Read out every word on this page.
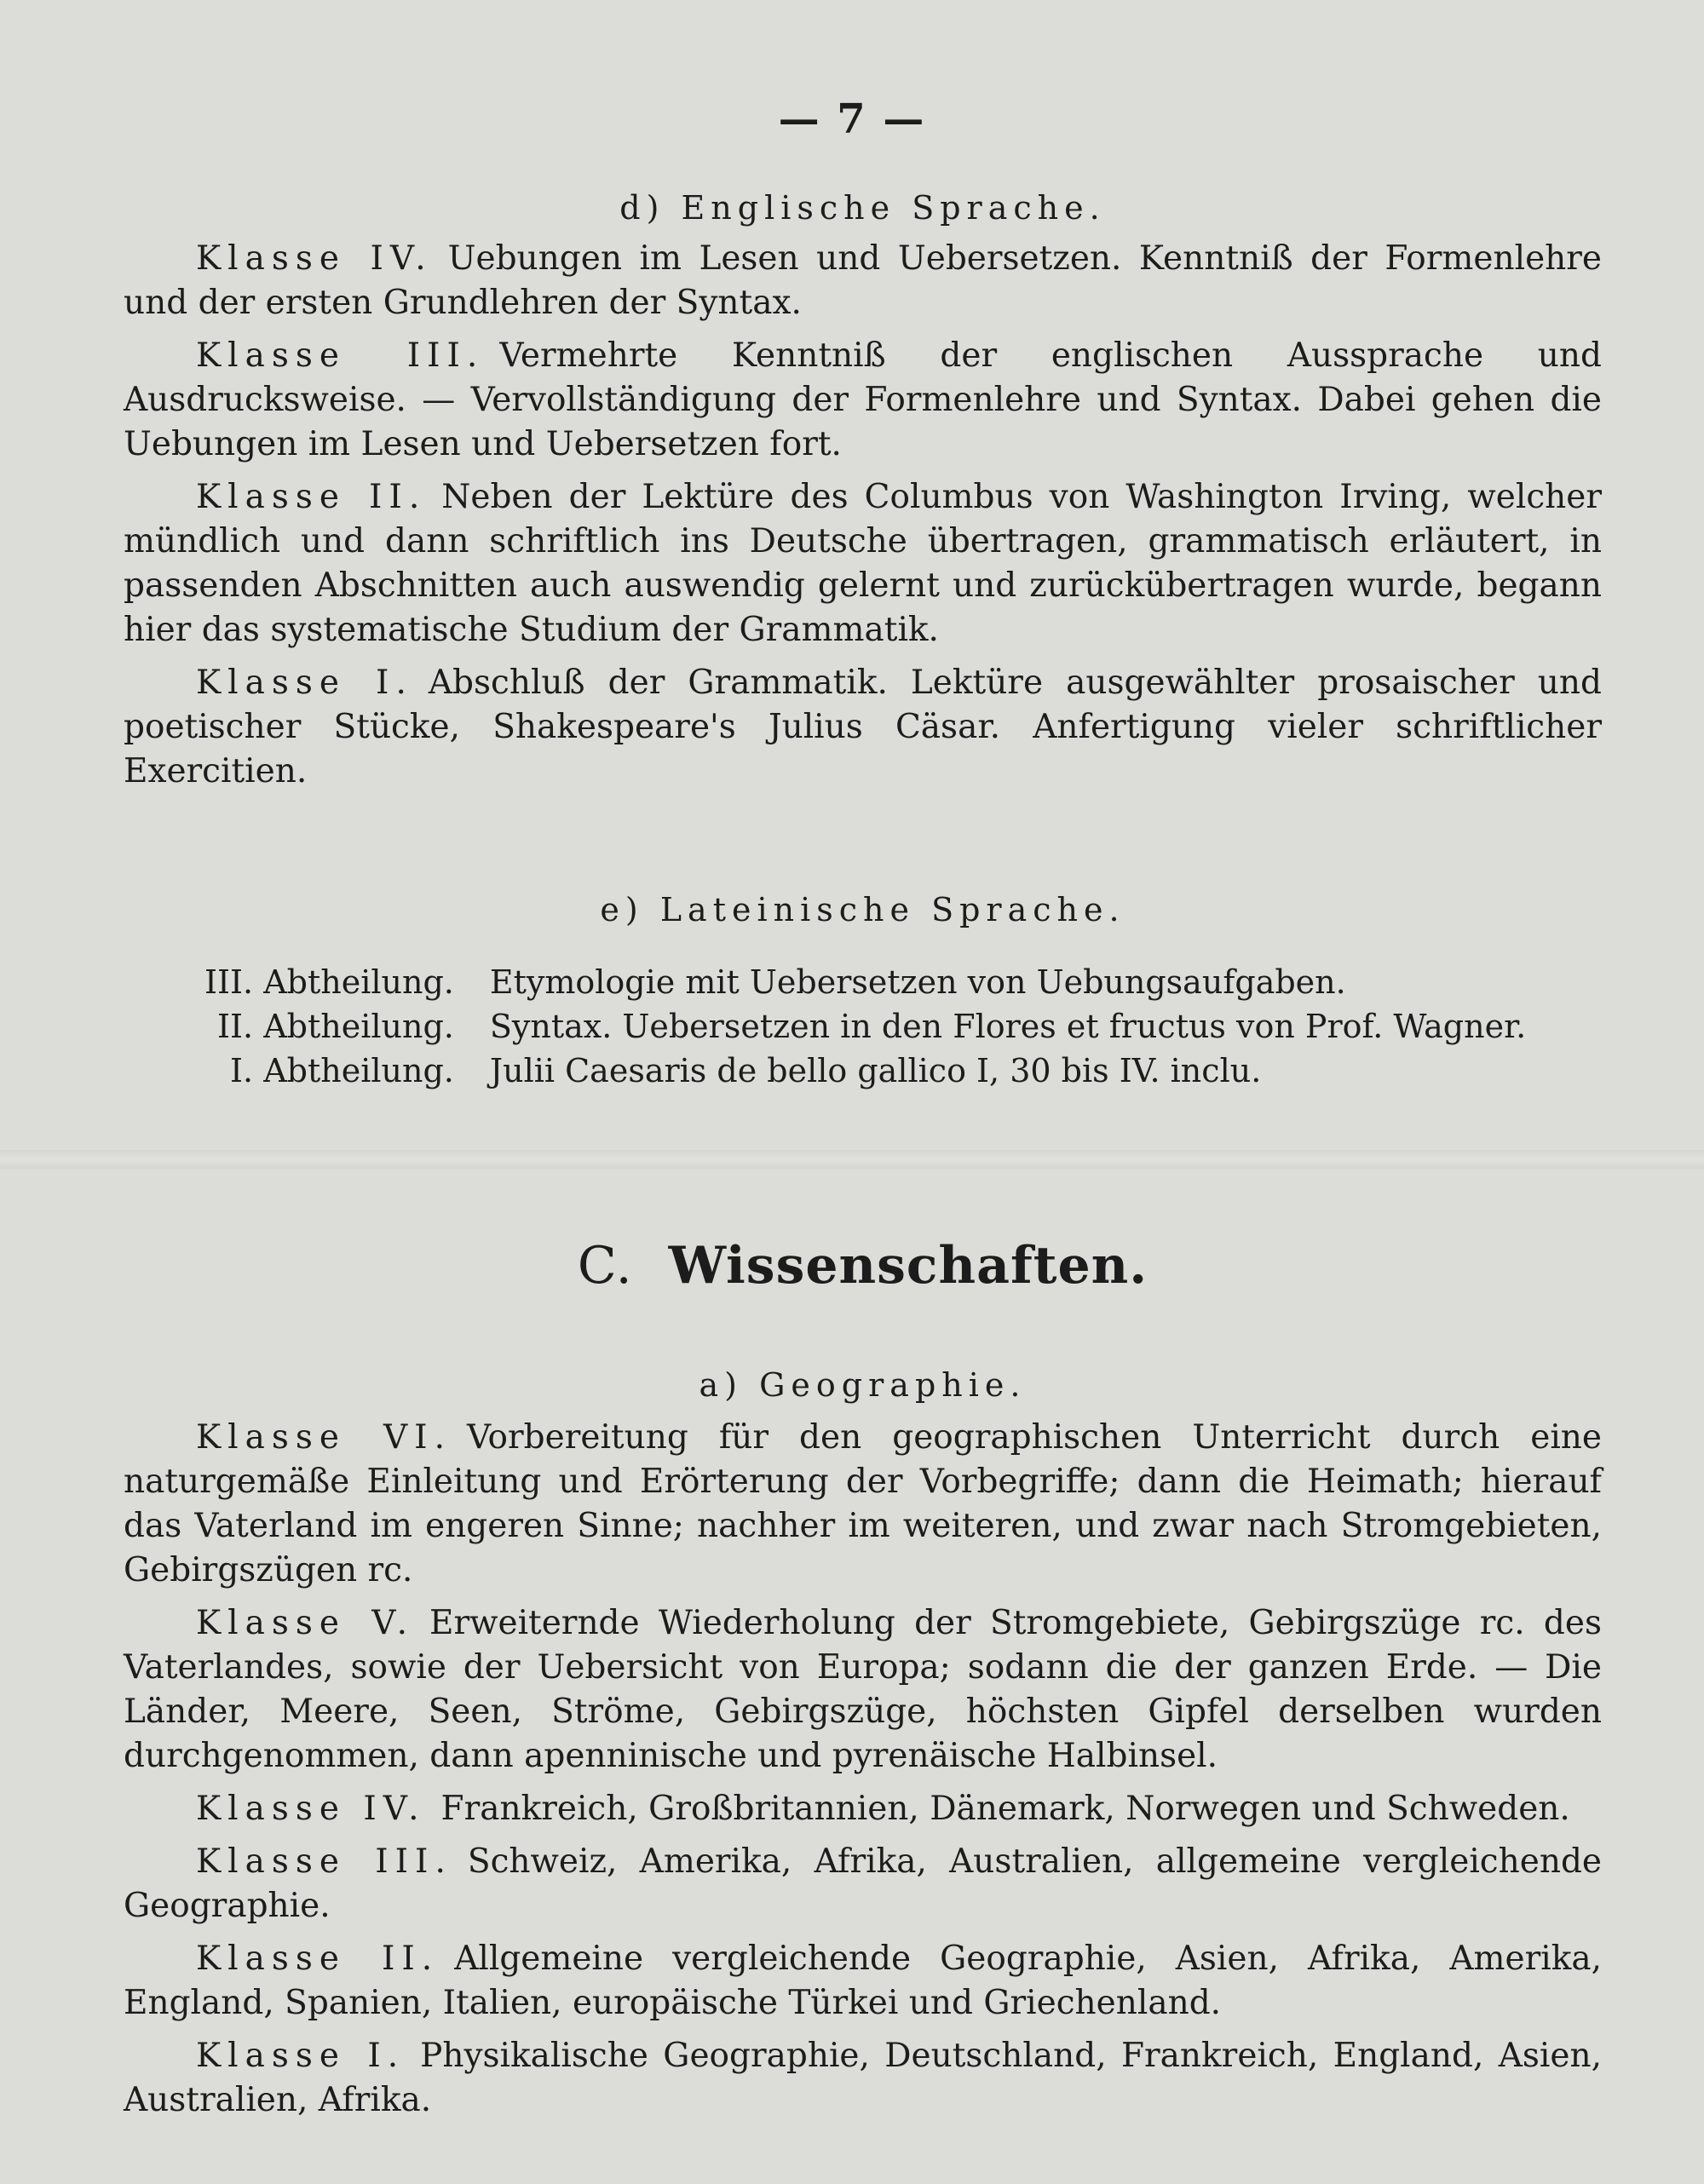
— 7 —
d) Englische Sprache.

Klasse IV. Uebungen im Lesen und Uebersetzen. Kenntniß der Formenlehre und der ersten Grundlehren der Syntax.

Klasse III. Vermehrte Kenntniß der englischen Aussprache und Ausdrucksweise. — Vervollständigung der Formenlehre und Syntax. Dabei gehen die Uebungen im Lesen und Uebersetzen fort.

Klasse II. Neben der Lektüre des Columbus von Washington Irving, welcher mündlich und dann schriftlich ins Deutsche übertragen, grammatisch erläutert, in passenden Abschnitten auch auswendig gelernt und zurückübertragen wurde, begann hier das systematische Studium der Grammatik.

Klasse I. Abschluß der Grammatik. Lektüre ausgewählter prosaischer und poetischer Stücke, Shakespeare's Julius Cäsar. Anfertigung vieler schriftlicher Exercitien.

e) Lateinische Sprache.
III. Abtheilung.	Etymologie mit Uebersetzen von Uebungsaufgaben.
II. Abtheilung.	Syntax. Uebersetzen in den Flores et fructus von Prof. Wagner.
I. Abtheilung.	Julii Caesaris de bello gallico I, 30 bis IV. inclu.
C. Wissenschaften.
a) Geographie.

Klasse VI. Vorbereitung für den geographischen Unterricht durch eine naturgemäße Einleitung und Erörterung der Vorbegriffe; dann die Heimath; hierauf das Vaterland im engeren Sinne; nachher im weiteren, und zwar nach Stromgebieten, Gebirgszügen rc.

Klasse V. Erweiternde Wiederholung der Stromgebiete, Gebirgszüge rc. des Vaterlandes, sowie der Uebersicht von Europa; sodann die der ganzen Erde. — Die Länder, Meere, Seen, Ströme, Gebirgszüge, höchsten Gipfel derselben wurden durchgenommen, dann apenninische und pyrenäische Halbinsel.

Klasse IV. Frankreich, Großbritannien, Dänemark, Norwegen und Schweden.

Klasse III. Schweiz, Amerika, Afrika, Australien, allgemeine vergleichende Geographie.

Klasse II. Allgemeine vergleichende Geographie, Asien, Afrika, Amerika, England, Spanien, Italien, europäische Türkei und Griechenland.

Klasse I. Physikalische Geographie, Deutschland, Frankreich, England, Asien, Australien, Afrika.
